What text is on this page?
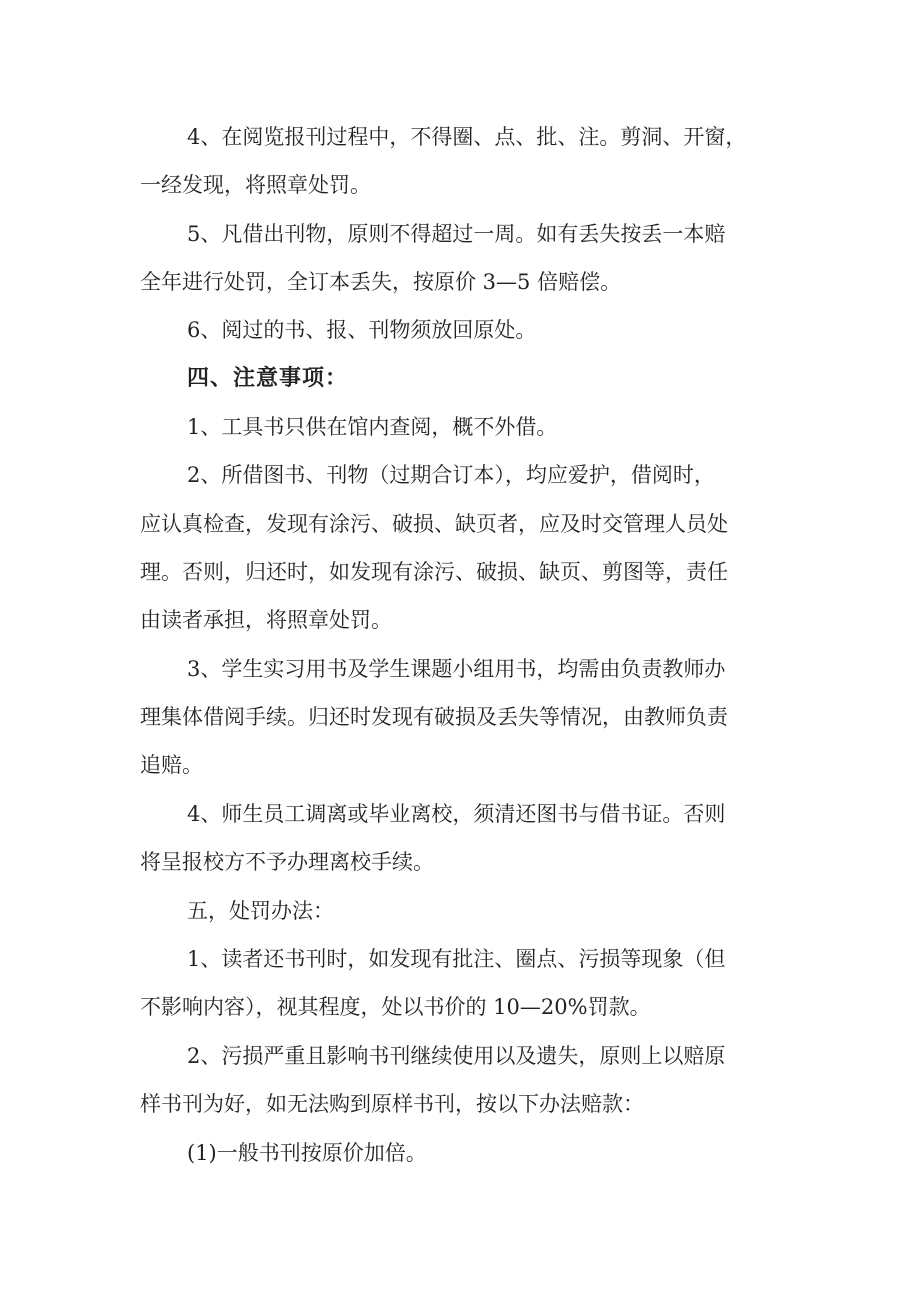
4、在阅览报刊过程中，不得圈、点、批、注。剪洞、开窗，
一经发现，将照章处罚。
5、凡借出刊物，原则不得超过一周。如有丢失按丢一本赔
全年进行处罚，全订本丢失，按原价 3—5 倍赔偿。
6、阅过的书、报、刊物须放回原处。
四、注意事项：
1、工具书只供在馆内查阅，概不外借。
2、所借图书、刊物（过期合订本），均应爱护，借阅时，
应认真检查，发现有涂污、破损、缺页者，应及时交管理人员处
理。否则，归还时，如发现有涂污、破损、缺页、剪图等，责任
由读者承担，将照章处罚。
3、学生实习用书及学生课题小组用书，均需由负责教师办
理集体借阅手续。归还时发现有破损及丢失等情况，由教师负责
追赔。
4、师生员工调离或毕业离校，须清还图书与借书证。否则
将呈报校方不予办理离校手续。
五，处罚办法：
1、读者还书刊时，如发现有批注、圈点、污损等现象（但
不影响内容），视其程度，处以书价的 10—20%罚款。
2、污损严重且影响书刊继续使用以及遗失，原则上以赔原
样书刊为好，如无法购到原样书刊，按以下办法赔款：
(1)一般书刊按原价加倍。
